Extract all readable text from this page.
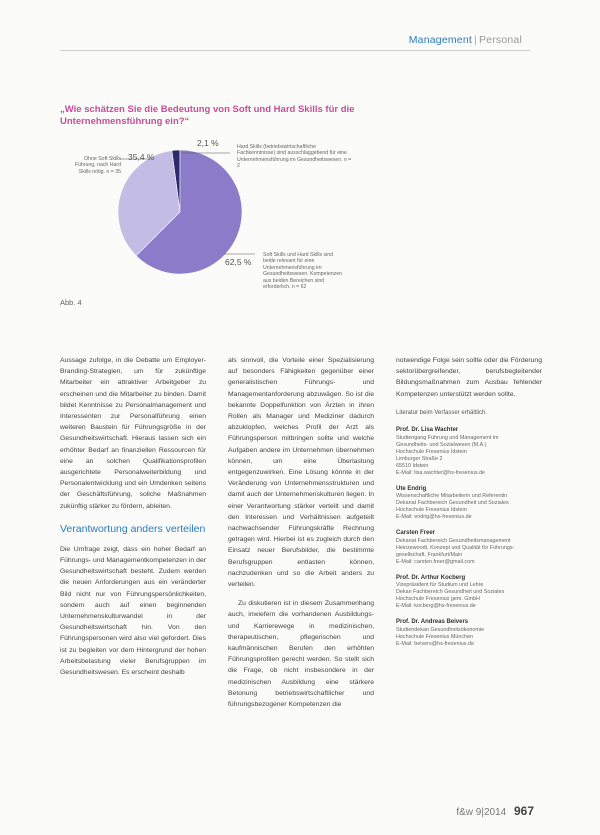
Management | Personal
„Wie schätzen Sie die Bedeutung von Soft und Hard Skills für die Unternehmensführung ein?“
2,1 %	Hard Skills (betriebswirtschaftliche Fachkenntnisse) sind ausschlaggebend für eine Unternehmensführung im Gesundheitswesen. n = 2
35,4 %
Ohne Soft Skills Führung, nach Hard Skills nötig. n = 35
62,5 %
Soft Skills und Hard Skills sind beide relevant für eine Unternehmensführung im Gesundheitswesen. Kompetenzen aus beiden Bereichen sind erforderlich. n = 62
Abb. 4

Aussage zufolge, in die Debatte um Employer-Branding-Strategien, um für zukünftige Mitarbeiter ein attraktiver Arbeitgeber zu erscheinen und die Mitarbeiter zu binden. Damit bildet Kenntnisse zu Personalmanagement und Interessenten zur Personalführung einen weiteren Baustein für Führungsgröße in der Gesundheitswirtschaft. Hieraus lassen sich ein erhöhter Bedarf an finanziellen Ressourcen für eine an solchen Qualifikationsprofilen ausgerichtete Personalweiterbildung und Personalentwicklung und ein Umdenken seitens der Geschäftsführung, sollche Maßnahmen zukünftig stärker zu fördern, ableiten.

Verantwortung anders verteilen

Die Umfrage zeigt, dass ein hoher Bedarf an Führungs- und Managementkompetenzen in der Gesundheitswirtschaft besteht. Zudem werden die neuen Anforderungen aus ein veränderter Bild nicht nur von Führungspersönlichkeiten, sondern auch auf einen beginnenden Unternehmenskulturwandel in der Gesundheitswirtschaft hin. Von den Führungspersonen wird also viel gefordert. Dies ist zu begleiten vor dem Hintergrund der hohen Arbeitsbelastung vieler Berufsgruppen im Gesundheitswesen. Es erscheint deshalb

als sinnvoll, die Vorteile einer Spezialisierung auf besonders Fähigkeiten gegenüber einer generalistischen Führungs- und Managementanforderung abzuwägen. So ist die bekannte Doppelfunktion von Ärzten in ihren Rollen als Manager und Mediziner dadurch abzuklopfen, welches Profil der Arzt als Führungsperson mitbringen sollte und welche Aufgaben andere im Unternehmen übernehmen können, um eine Überlastung entgegenzuwirken. Eine Lösung könnte in der Veränderung von Unternehmensstrukturen und damit auch der Unternehmenskulturen liegen. In einer Verantwortung stärker verteilt und damit den Interessen und Verhältnissen aufgeteilt nachwachsender Führungskräfte Rechnung getragen wird. Hierbei ist es zugleich durch den Einsatz neuer Berufsbilder, die bestimmte Berufsgruppen entlasten können, nachzudenken und so die Arbeit anders zu verteilen.

Zu diskutieren ist in diesem Zusammenhang auch, inwiefern die vorhandenen Ausbildungs- und Karrierewege in medizinischen, therapeutischen, pflegerischen und kaufmännischen Berufen den erhöhten Führungsprofilen gerecht werden. So stellt sich die Frage, ob nicht insbesondere in der medizinischen Ausbildung eine stärkere Betonung betriebswirtschaftlicher und führungsbezogener Kompetenzen die

notwendige Folge sein sollte oder die Förderung sektorübergreifender, berufsbegleitender Bildungsmaßnahmen zum Ausbau fehlender Kompetenzen unterstützt werden sollte.

Literatur beim Verfasser erhältlich.

Prof. Dr. Lisa Wachter
Studiengang Führung und Management im
Gesundheits- und Sozialwesen (M.A.)
Hochschule Fresenius Idstein
Limburger Straße 2
65510 Idstein
E-Mail: lisa.wachter@hs-fresenius.de
Ute Endrig
Wissenschaftliche Mitarbeiterin und Referentin
Dekanat Fachbereich Gesundheit und Soziales
Hochschule Fresenius Idstein
E-Mail: endrig@hs-fresenius.de
Carsten Freer
Dekanat Fachbereich Gesundheitsmanagement
Heinzewoodt, Konzept und Qualität für Führungs-
gesellschaft, Frankfurt/Main
E-Mail: carsten.freer@gmail.com
Prof. Dr. Arthur Kocberg
Vizepräsident für Studium und Lehre
Dekan Fachbereich Gesundheit und Soziales
Hochschule Fresenius gem. GmbH
E-Mail: kocberg@hs-fresenius.de
Prof. Dr. Andreas Beivers
Studiendekan Gesundheitsökonomie
Hochschule Fresenius München
E-Mail: beivers@hs-fresenius.de
f&w 9|2014 967
